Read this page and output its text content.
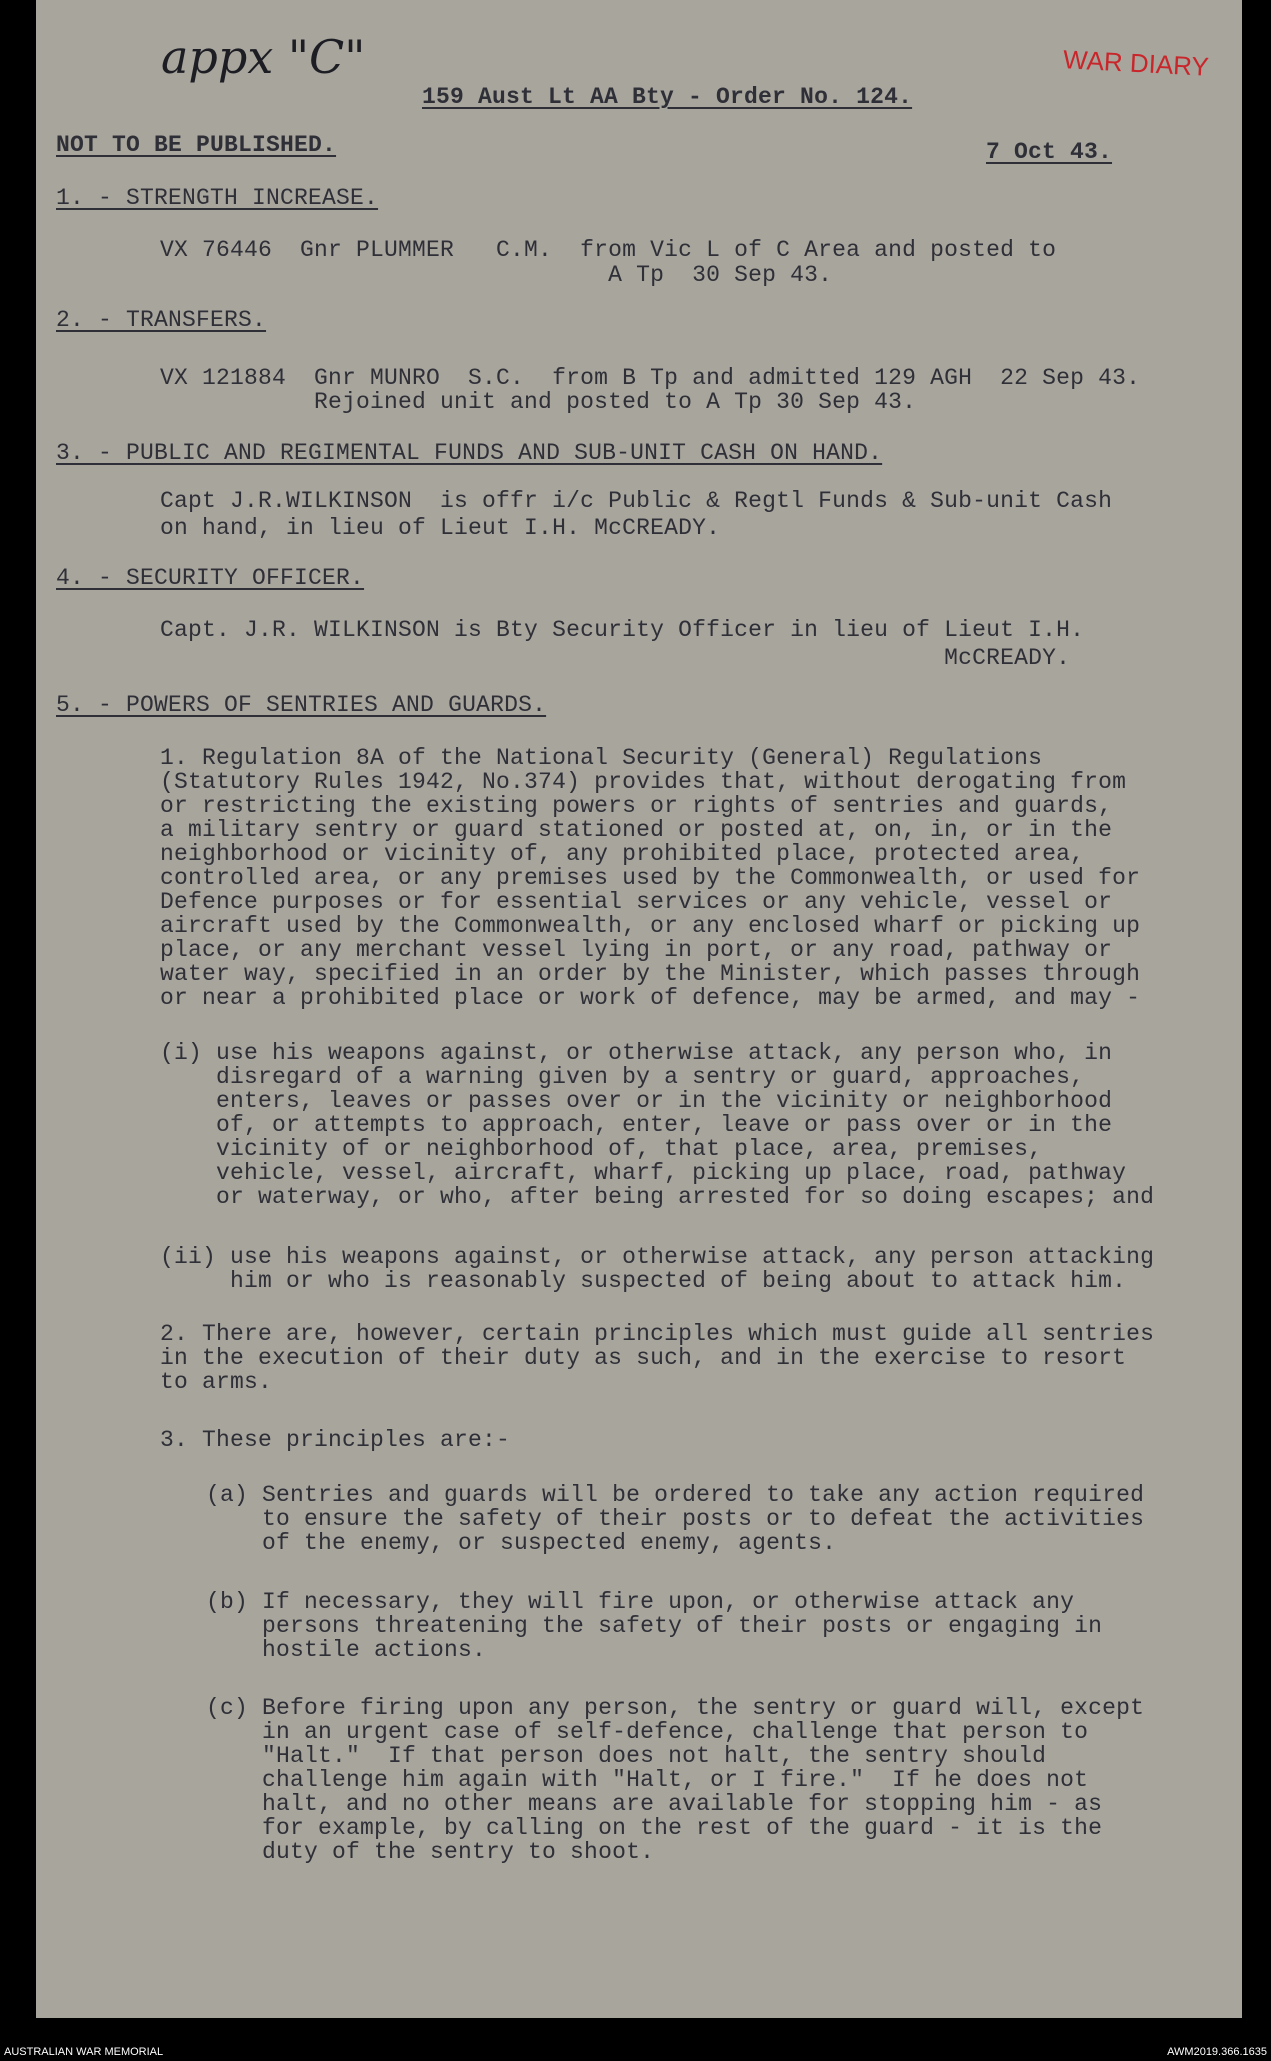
appx "C"	WAR DIARY
159 Aust Lt AA Bty - Order No. 124.
NOT TO BE PUBLISHED.	7 Oct 43.
1. - STRENGTH INCREASE.
VX 76446  Gnr PLUMMER   C.M.  from Vic L of C Area and posted to
A Tp  30 Sep 43.
2. - TRANSFERS.
VX 121884  Gnr MUNRO  S.C.  from B Tp and admitted 129 AGH  22 Sep 43.
Rejoined unit and posted to A Tp 30 Sep 43.
3. - PUBLIC AND REGIMENTAL FUNDS AND SUB-UNIT CASH ON HAND.
Capt J.R.WILKINSON  is offr i/c Public & Regtl Funds & Sub-unit Cash
on hand, in lieu of Lieut I.H. McCREADY.
4. - SECURITY OFFICER.
Capt. J.R. WILKINSON is Bty Security Officer in lieu of Lieut I.H.
McCREADY.
5. - POWERS OF SENTRIES AND GUARDS.
1. Regulation 8A of the National Security (General) Regulations
(Statutory Rules 1942, No.374) provides that, without derogating from
or restricting the existing powers or rights of sentries and guards,
a military sentry or guard stationed or posted at, on, in, or in the
neighborhood or vicinity of, any prohibited place, protected area,
controlled area, or any premises used by the Commonwealth, or used for
Defence purposes or for essential services or any vehicle, vessel or
aircraft used by the Commonwealth, or any enclosed wharf or picking up
place, or any merchant vessel lying in port, or any road, pathway or
water way, specified in an order by the Minister, which passes through
or near a prohibited place or work of defence, may be armed, and may -
(i) use his weapons against, or otherwise attack, any person who, in
disregard of a warning given by a sentry or guard, approaches,
enters, leaves or passes over or in the vicinity or neighborhood
of, or attempts to approach, enter, leave or pass over or in the
vicinity of or neighborhood of, that place, area, premises,
vehicle, vessel, aircraft, wharf, picking up place, road, pathway
or waterway, or who, after being arrested for so doing escapes; and
(ii) use his weapons against, or otherwise attack, any person attacking
him or who is reasonably suspected of being about to attack him.
2. There are, however, certain principles which must guide all sentries
in the execution of their duty as such, and in the exercise to resort
to arms.
3. These principles are:-
(a) Sentries and guards will be ordered to take any action required
to ensure the safety of their posts or to defeat the activities
of the enemy, or suspected enemy, agents.
(b) If necessary, they will fire upon, or otherwise attack any
persons threatening the safety of their posts or engaging in
hostile actions.
(c) Before firing upon any person, the sentry or guard will, except
in an urgent case of self-defence, challenge that person to
"Halt."  If that person does not halt, the sentry should
challenge him again with "Halt, or I fire."  If he does not
halt, and no other means are available for stopping him - as
for example, by calling on the rest of the guard - it is the
duty of the sentry to shoot.
AUSTRALIAN WAR MEMORIAL	AWM2019.366.1635
